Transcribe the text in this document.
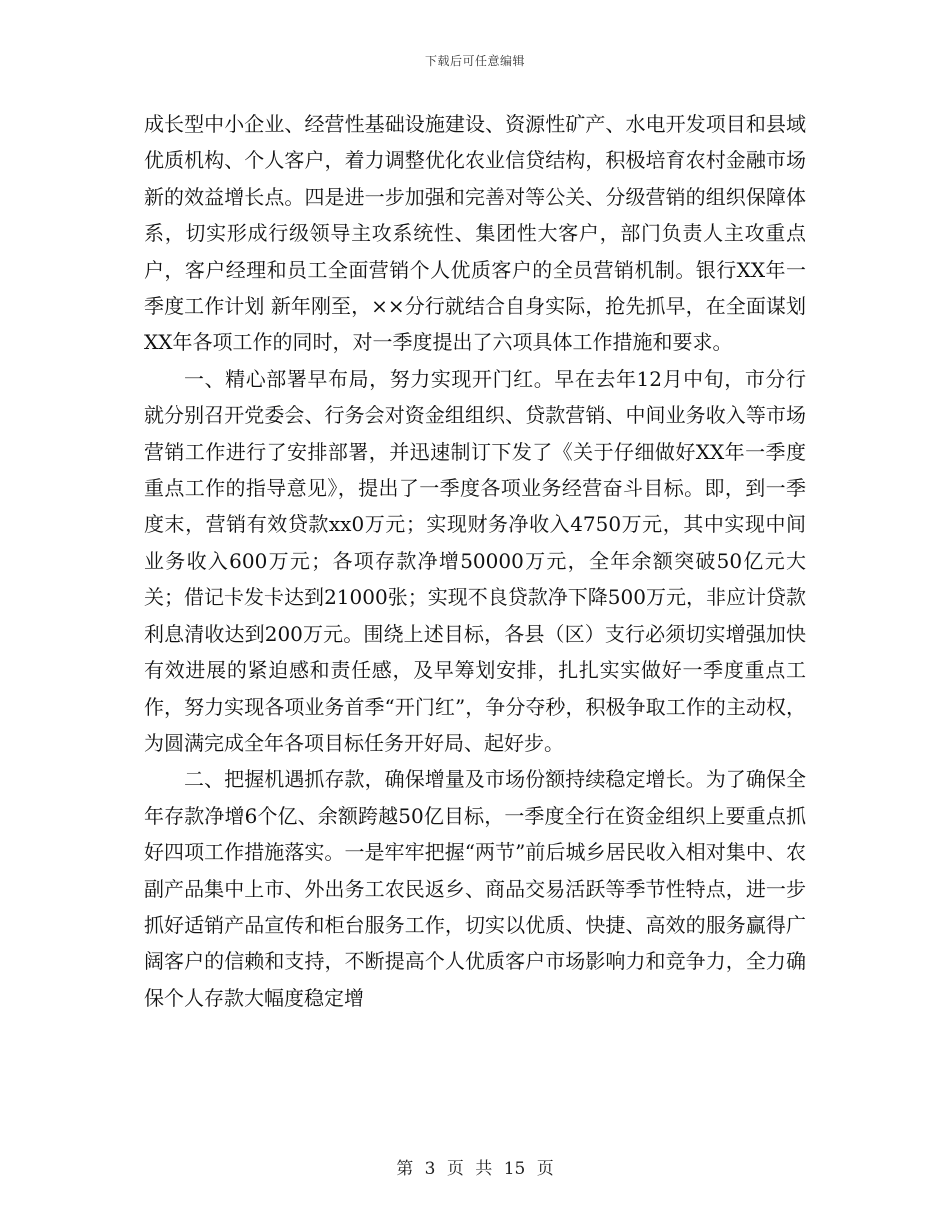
下载后可任意编辑

成长型中小企业、经营性基础设施建设、资源性矿产、水电开发项目和县域优质机构、个人客户，着力调整优化农业信贷结构，积极培育农村金融市场新的效益增长点。四是进一步加强和完善对等公关、分级营销的组织保障体系，切实形成行级领导主攻系统性、集团性大客户，部门负责人主攻重点户，客户经理和员工全面营销个人优质客户的全员营销机制。银行XX年一季度工作计划 新年刚至，××分行就结合自身实际，抢先抓早，在全面谋划XX年各项工作的同时，对一季度提出了六项具体工作措施和要求。

一、精心部署早布局，努力实现开门红。早在去年12月中旬，市分行就分别召开党委会、行务会对资金组组织、贷款营销、中间业务收入等市场营销工作进行了安排部署，并迅速制订下发了《关于仔细做好XX年一季度重点工作的指导意见》，提出了一季度各项业务经营奋斗目标。即，到一季度末，营销有效贷款xx0万元；实现财务净收入4750万元，其中实现中间业务收入600万元；各项存款净增50000万元，全年余额突破50亿元大关；借记卡发卡达到21000张；实现不良贷款净下降500万元，非应计贷款利息清收达到200万元。围绕上述目标，各县（区）支行必须切实增强加快有效进展的紧迫感和责任感，及早筹划安排，扎扎实实做好一季度重点工作，努力实现各项业务首季“开门红”，争分夺秒，积极争取工作的主动权，为圆满完成全年各项目标任务开好局、起好步。

二、把握机遇抓存款，确保增量及市场份额持续稳定增长。为了确保全年存款净增6个亿、余额跨越50亿目标，一季度全行在资金组织上要重点抓好四项工作措施落实。一是牢牢把握“两节”前后城乡居民收入相对集中、农副产品集中上市、外出务工农民返乡、商品交易活跃等季节性特点，进一步抓好适销产品宣传和柜台服务工作，切实以优质、快捷、高效的服务赢得广阔客户的信赖和支持，不断提高个人优质客户市场影响力和竞争力，全力确保个人存款大幅度稳定增

第 3 页 共 15 页
